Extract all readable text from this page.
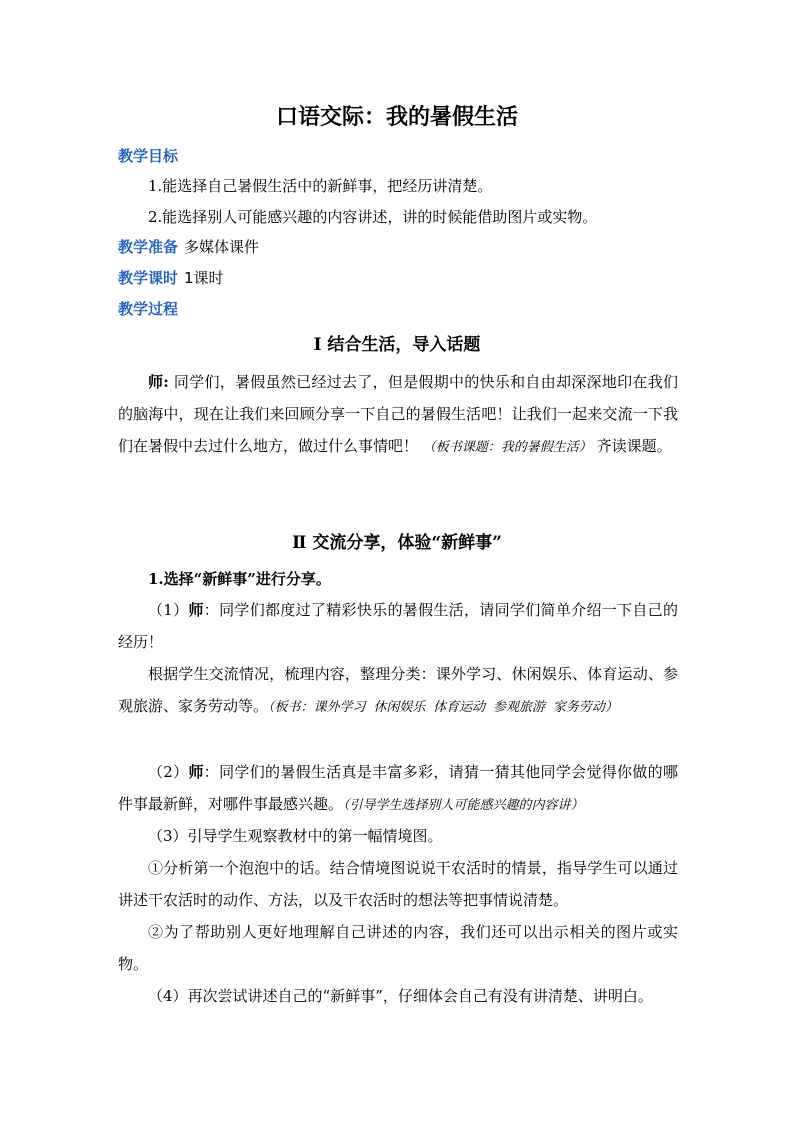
口语交际：我的暑假生活
教学目标
1.能选择自己暑假生活中的新鲜事，把经历讲清楚。
2.能选择别人可能感兴趣的内容讲述，讲的时候能借助图片或实物。
教学准备 多媒体课件
教学课时 1课时
教学过程
Ⅰ 结合生活，导入话题
师: 同学们，暑假虽然已经过去了，但是假期中的快乐和自由却深深地印在我们的脑海中，现在让我们来回顾分享一下自己的暑假生活吧！让我们一起来交流一下我们在暑假中去过什么地方，做过什么事情吧！ （板书课题：我的暑假生活） 齐读课题。
Ⅱ 交流分享，体验“新鲜事”
1.选择“新鲜事”进行分享。
（1）师：同学们都度过了精彩快乐的暑假生活，请同学们简单介绍一下自己的经历！
根据学生交流情况，梳理内容，整理分类：课外学习、休闲娱乐、体育运动、参观旅游、家务劳动等。（板书：课外学习 休闲娱乐 体育运动 参观旅游 家务劳动）
（2）师：同学们的暑假生活真是丰富多彩，请猜一猜其他同学会觉得你做的哪件事最新鲜，对哪件事最感兴趣。（引导学生选择别人可能感兴趣的内容讲）
（3）引导学生观察教材中的第一幅情境图。
①分析第一个泡泡中的话。结合情境图说说干农活时的情景，指导学生可以通过讲述干农活时的动作、方法，以及干农活时的想法等把事情说清楚。
②为了帮助别人更好地理解自己讲述的内容，我们还可以出示相关的图片或实物。
（4）再次尝试讲述自己的“新鲜事”，仔细体会自己有没有讲清楚、讲明白。
